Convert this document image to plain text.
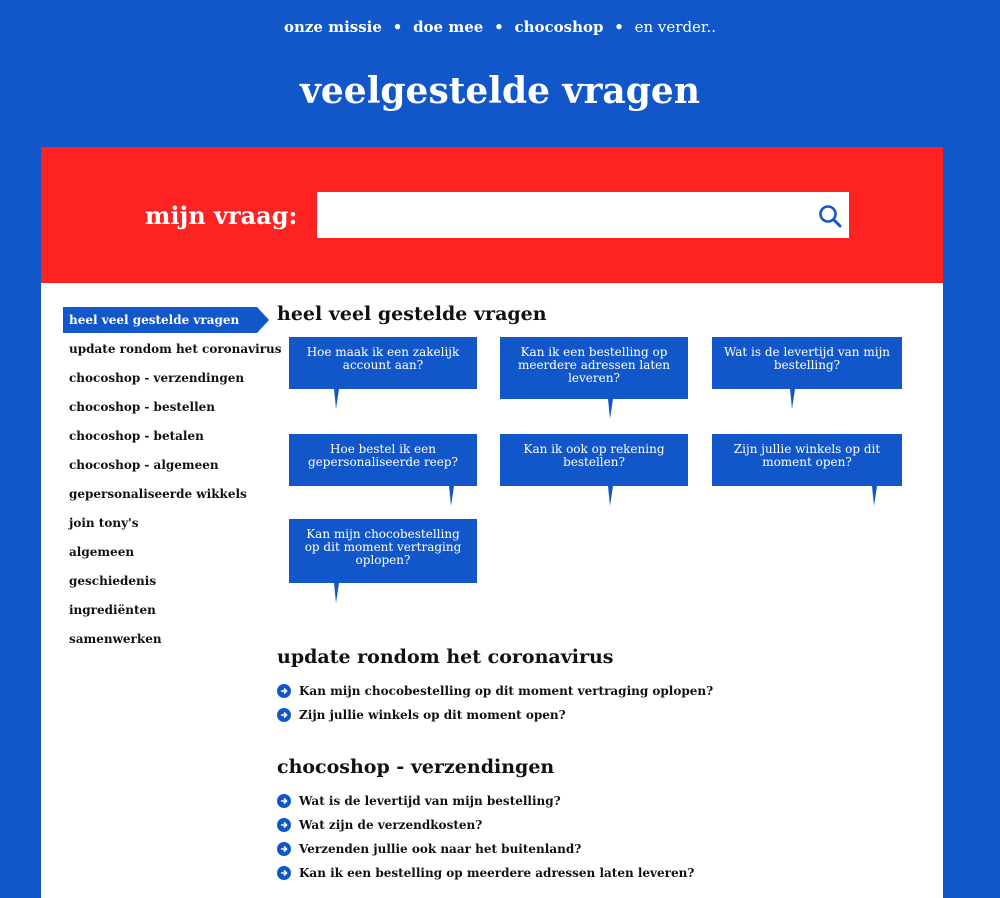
onze missie • doe mee • chocoshop • en verder..
veelgestelde vragen
mijn vraag:
heel veel gestelde vragen
update rondom het coronavirus
chocoshop - verzendingen
chocoshop - bestellen
chocoshop - betalen
chocoshop - algemeen
gepersonaliseerde wikkels
join tony's
algemeen
geschiedenis
ingrediënten
samenwerken
heel veel gestelde vragen
Hoe maak ik een zakelijk account aan?
Kan ik een bestelling op meerdere adressen laten leveren?
Wat is de levertijd van mijn bestelling?
Hoe bestel ik een gepersonaliseerde reep?
Kan ik ook op rekening bestellen?
Zijn jullie winkels op dit moment open?
Kan mijn chocobestelling op dit moment vertraging oplopen?
update rondom het coronavirus
Kan mijn chocobestelling op dit moment vertraging oplopen?
Zijn jullie winkels op dit moment open?
chocoshop - verzendingen
Wat is de levertijd van mijn bestelling?
Wat zijn de verzendkosten?
Verzenden jullie ook naar het buitenland?
Kan ik een bestelling op meerdere adressen laten leveren?
